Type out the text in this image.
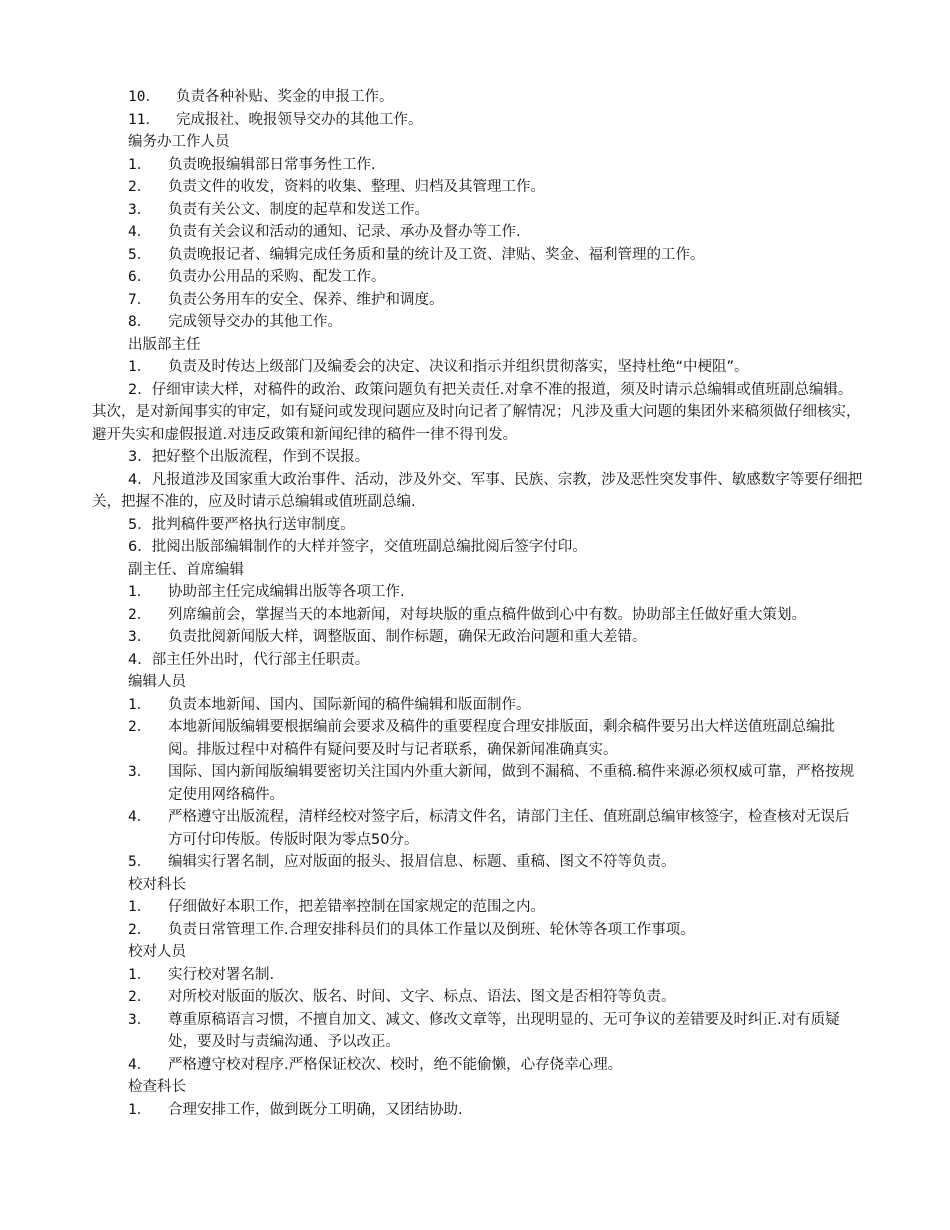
10．	负责各种补贴、奖金的申报工作。
11．	完成报社、晚报领导交办的其他工作。
编务办工作人员
1．	负责晚报编辑部日常事务性工作.
2．	负责文件的收发，资料的收集、整理、归档及其管理工作。
3．	负责有关公文、制度的起草和发送工作。
4．	负责有关会议和活动的通知、记录、承办及督办等工作.
5．	负责晚报记者、编辑完成任务质和量的统计及工资、津贴、奖金、福利管理的工作。
6．	负责办公用品的采购、配发工作。
7．	负责公务用车的安全、保养、维护和调度。
8．	完成领导交办的其他工作。
出版部主任
1．	负责及时传达上级部门及编委会的决定、决议和指示并组织贯彻落实，坚持杜绝“中梗阻”。
2．仔细审读大样，对稿件的政治、政策问题负有把关责任.对拿不准的报道，须及时请示总编辑或值班副总编辑。其次，是对新闻事实的审定，如有疑问或发现问题应及时向记者了解情况；凡涉及重大问题的集团外来稿须做仔细核实，避开失实和虚假报道.对违反政策和新闻纪律的稿件一律不得刊发。
3．把好整个出版流程，作到不误报。
4．凡报道涉及国家重大政治事件、活动，涉及外交、军事、民族、宗教，涉及恶性突发事件、敏感数字等要仔细把关，把握不准的，应及时请示总编辑或值班副总编.
5．批判稿件要严格执行送审制度。
6．批阅出版部编辑制作的大样并签字，交值班副总编批阅后签字付印。
副主任、首席编辑
1．	协助部主任完成编辑出版等各项工作.
2．	列席编前会，掌握当天的本地新闻，对每块版的重点稿件做到心中有数。协助部主任做好重大策划。
3．	负责批阅新闻版大样，调整版面、制作标题，确保无政治问题和重大差错。
4．部主任外出时，代行部主任职责。
编辑人员
1．	负责本地新闻、国内、国际新闻的稿件编辑和版面制作。
2．	本地新闻版编辑要根据编前会要求及稿件的重要程度合理安排版面，剩余稿件要另出大样送值班副总编批阅。排版过程中对稿件有疑问要及时与记者联系，确保新闻准确真实。
3．	国际、国内新闻版编辑要密切关注国内外重大新闻，做到不漏稿、不重稿.稿件来源必须权威可靠，严格按规定使用网络稿件。
4．	严格遵守出版流程，清样经校对签字后，标清文件名，请部门主任、值班副总编审核签字，检查核对无误后方可付印传版。传版时限为零点50分。
5．	编辑实行署名制，应对版面的报头、报眉信息、标题、重稿、图文不符等负责。
校对科长
1．	仔细做好本职工作，把差错率控制在国家规定的范围之内。
2．	负责日常管理工作.合理安排科员们的具体工作量以及倒班、轮休等各项工作事项。
校对人员
1．	实行校对署名制.
2．	对所校对版面的版次、版名、时间、文字、标点、语法、图文是否相符等负责。
3．	尊重原稿语言习惯，不擅自加文、减文、修改文章等，出现明显的、无可争议的差错要及时纠正.对有质疑处，要及时与责编沟通、予以改正。
4．	严格遵守校对程序.严格保证校次、校时，绝不能偷懒，心存侥幸心理。
检查科长
1．	合理安排工作，做到既分工明确，又团结协助.
